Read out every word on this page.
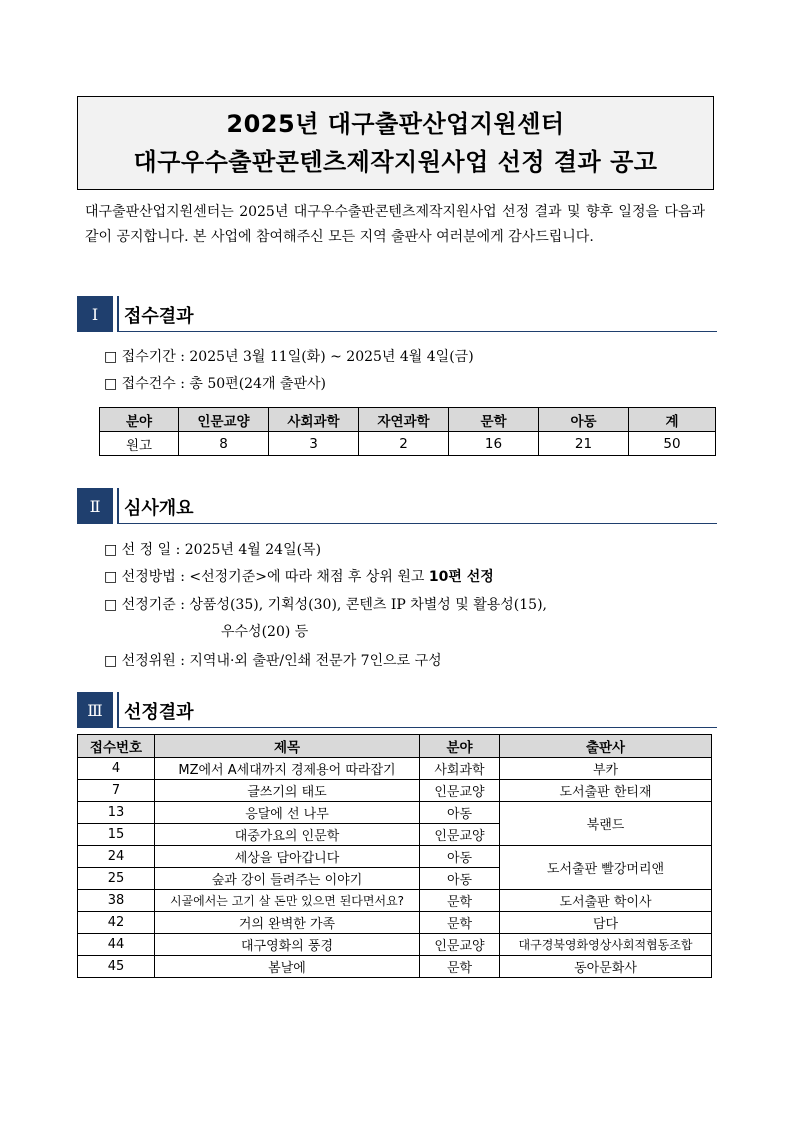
2025년 대구출판산업지원센터
대구우수출판콘텐츠제작지원사업 선정 결과 공고
대구출판산업지원센터는 2025년 대구우수출판콘텐츠제작지원사업 선정 결과 및 향후 일정을 다음과 같이 공지합니다. 본 사업에 참여해주신 모든 지역 출판사 여러분에게 감사드립니다.
Ⅰ	접수결과
□ 접수기간 : 2025년 3월 11일(화) ~ 2025년 4월 4일(금)
□ 접수건수 : 총 50편(24개 출판사)
분야	인문교양	사회과학	자연과학	문학	아동	계
원고	8	3	2	16	21	50
Ⅱ	심사개요
□ 선 정 일 : 2025년 4월 24일(목)
□ 선정방법 : <선정기준>에 따라 채점 후 상위 원고 10편 선정
□ 선정기준 : 상품성(35), 기획성(30), 콘텐츠 IP 차별성 및 활용성(15),
우수성(20) 등
□ 선정위원 : 지역내·외 출판/인쇄 전문가 7인으로 구성
Ⅲ	선정결과
접수번호	제목	분야	출판사
4	MZ에서 A세대까지 경제용어 따라잡기	사회과학	부카
7	글쓰기의 태도	인문교양	도서출판 한티재
13	응달에 선 나무	아동	북랜드
15	대중가요의 인문학	인문교양	
24	세상을 담아갑니다	아동	도서출판 빨강머리앤
25	숲과 강이 들려주는 이야기	아동	
38	시골에서는 고기 살 돈만 있으면 된다면서요?	문학	도서출판 학이사
42	거의 완벽한 가족	문학	담다
44	대구영화의 풍경	인문교양	대구경북영화영상사회적협동조합
45	봄날에	문학	동아문화사
